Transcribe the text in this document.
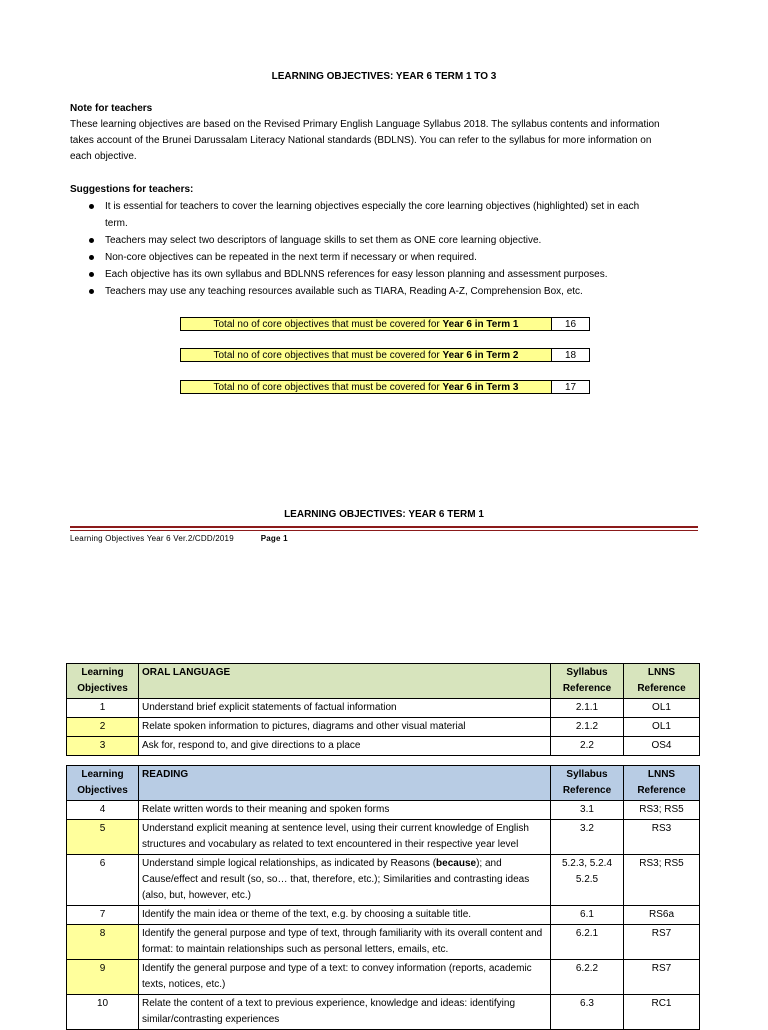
LEARNING OBJECTIVES: YEAR 6 TERM 1 TO 3
Note for teachers
These learning objectives are based on the Revised Primary English Language Syllabus 2018. The syllabus contents and information
takes account of the Brunei Darussalam Literacy National standards (BDLNS). You can refer to the syllabus for more information on
each objective.
Suggestions for teachers:
It is essential for teachers to cover the learning objectives especially the core learning objectives (highlighted) set in each
term.
Teachers may select two descriptors of language skills to set them as ONE core learning objective.
Non-core objectives can be repeated in the next term if necessary or when required.
Each objective has its own syllabus and BDLNNS references for easy lesson planning and assessment purposes.
Teachers may use any teaching resources available such as TIARA, Reading A-Z, Comprehension Box, etc.
Total no of core objectives that must be covered for Year 6 in Term 1	16
Total no of core objectives that must be covered for Year 6 in Term 2	18
Total no of core objectives that must be covered for Year 6 in Term 3	17
LEARNING OBJECTIVES: YEAR 6 TERM 1
Learning Objectives Year 6 Ver.2/CDD/2019	Page 1
Learning Objectives	ORAL LANGUAGE	Syllabus Reference	LNNS Reference
1	Understand brief explicit statements of factual information	2.1.1	OL1
2	Relate spoken information to pictures, diagrams and other visual material	2.1.2	OL1
3	Ask for, respond to, and give directions to a place	2.2	OS4
Learning Objectives	READING	Syllabus Reference	LNNS Reference
4	Relate written words to their meaning and spoken forms	3.1	RS3; RS5
5	Understand explicit meaning at sentence level, using their current knowledge of English structures and vocabulary as related to text encountered in their respective year level	3.2	RS3
6	Understand simple logical relationships, as indicated by Reasons (because); and Cause/effect and result (so, so… that, therefore, etc.); Similarities and contrasting ideas (also, but, however, etc.)	5.2.3, 5.2.4 5.2.5	RS3; RS5
7	Identify the main idea or theme of the text, e.g. by choosing a suitable title.	6.1	RS6a
8	Identify the general purpose and type of text, through familiarity with its overall content and format: to maintain relationships such as personal letters, emails, etc.	6.2.1	RS7
9	Identify the general purpose and type of a text: to convey information (reports, academic texts, notices, etc.)	6.2.2	RS7
10	Relate the content of a text to previous experience, knowledge and ideas: identifying similar/contrasting experiences	6.3	RC1
